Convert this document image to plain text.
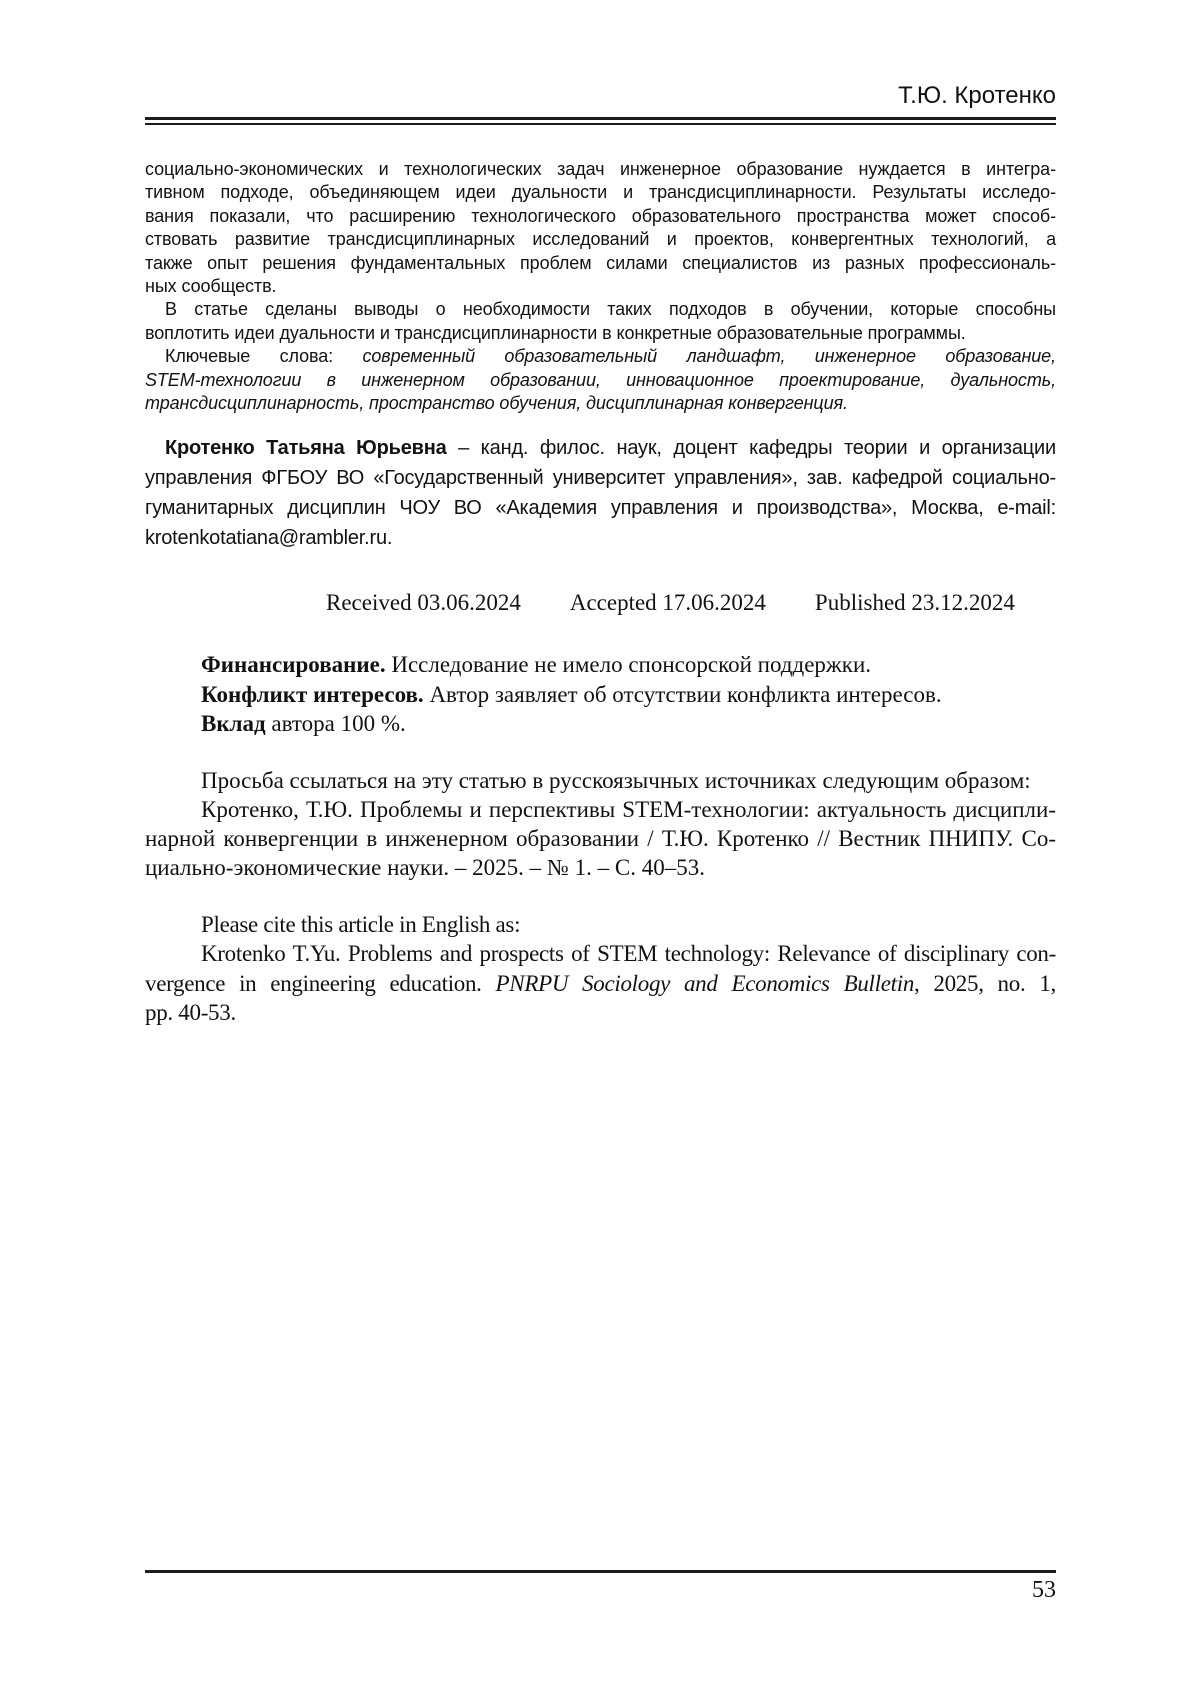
Т.Ю. Кротенко
социально-экономических и технологических задач инженерное образование нуждается в интегра-
тивном подходе, объединяющем идеи дуальности и трансдисциплинарности. Результаты исследо-
вания показали, что расширению технологического образовательного пространства может способ-
ствовать развитие трансдисциплинарных исследований и проектов, конвергентных технологий, а
также опыт решения фундаментальных проблем силами специалистов из разных профессиональ-
ных сообществ.
В статье сделаны выводы о необходимости таких подходов в обучении, которые способны
воплотить идеи дуальности и трансдисциплинарности в конкретные образовательные программы.
Ключевые слова: современный образовательный ландшафт, инженерное образование,
STEM-технологии в инженерном образовании, инновационное проектирование, дуальность,
трансдисциплинарность, пространство обучения, дисциплинарная конвергенция.
Кротенко Татьяна Юрьевна – канд. филос. наук, доцент кафедры теории и организации
управления ФГБОУ ВО «Государственный университет управления», зав. кафедрой социально-
гуманитарных дисциплин ЧОУ ВО «Академия управления и производства», Москва, e-mail:
krotenkotatiana@rambler.ru.
Received 03.06.2024 Accepted 17.06.2024 Published 23.12.2024
Финансирование. Исследование не имело спонсорской поддержки.
Конфликт интересов. Автор заявляет об отсутствии конфликта интересов.
Вклад автора 100 %.
Просьба ссылаться на эту статью в русскоязычных источниках следующим образом:
Кротенко, Т.Ю. Проблемы и перспективы STEM-технологии: актуальность дисципли-
нарной конвергенции в инженерном образовании / Т.Ю. Кротенко // Вестник ПНИПУ. Со-
циально-экономические науки. – 2025. – № 1. – С. 40–53.
Please cite this article in English as:
Krotenko T.Yu. Problems and prospects of STEM technology: Relevance of disciplinary con-
vergence in engineering education. PNRPU Sociology and Economics Bulletin, 2025, no. 1,
pp. 40-53.
53
